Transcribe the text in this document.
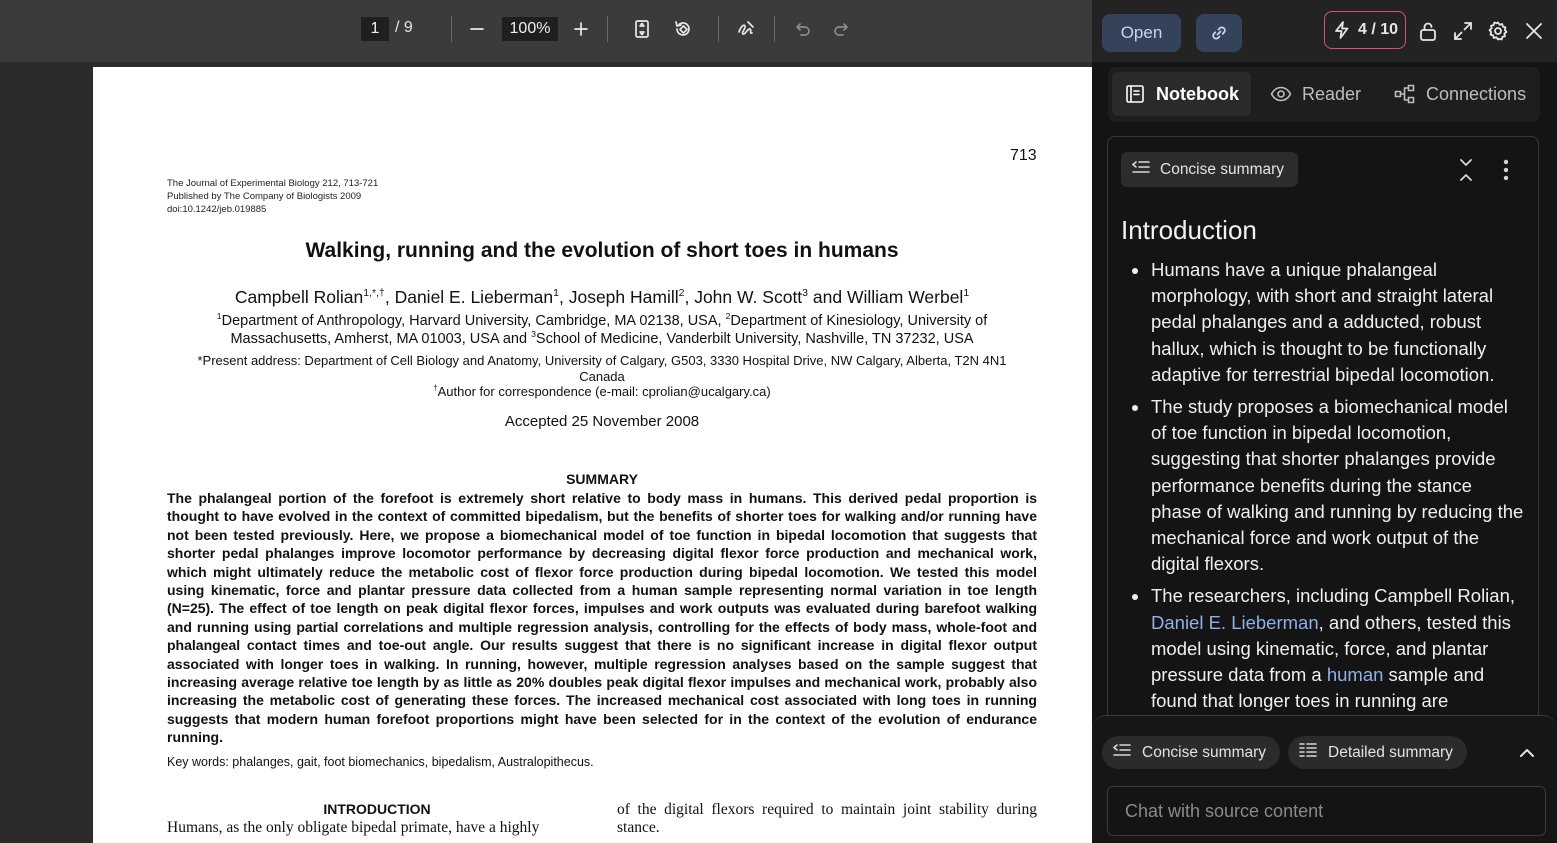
1
/ 9	100%
713
The Journal of Experimental Biology 212, 713-721
Published by The Company of Biologists 2009
doi:10.1242/jeb.019885
Walking, running and the evolution of short toes in humans
Campbell Rolian$^{1,*,\dagger}$, Daniel E. Lieberman$^1$, Joseph Hamill$^2$, John W. Scott$^3$ and William Werbel$^1$
$^1$Department of Anthropology, Harvard University, Cambridge, MA 02138, USA, $^2$Department of Kinesiology, University of
Massachusetts, Amherst, MA 01003, USA and $^3$School of Medicine, Vanderbilt University, Nashville, TN 37232, USA
*Present address: Department of Cell Biology and Anatomy, University of Calgary, G503, 3330 Hospital Drive, NW Calgary, Alberta, T2N 4N1
Canada
†Author for correspondence (e-mail: cprolian@ucalgary.ca)
Accepted 25 November 2008
SUMMARY
The phalangeal portion of the forefoot is extremely short relative to body mass in humans. This derived pedal proportion is thought to have evolved in the context of committed bipedalism, but the benefits of shorter toes for walking and/or running have not been tested previously. Here, we propose a biomechanical model of toe function in bipedal locomotion that suggests that shorter pedal phalanges improve locomotor performance by decreasing digital flexor force production and mechanical work, which might ultimately reduce the metabolic cost of flexor force production during bipedal locomotion. We tested this model using kinematic, force and plantar pressure data collected from a human sample representing normal variation in toe length (N=25). The effect of toe length on peak digital flexor forces, impulses and work outputs was evaluated during barefoot walking and running using partial correlations and multiple regression analysis, controlling for the effects of body mass, whole-foot and phalangeal contact times and toe-out angle. Our results suggest that there is no significant increase in digital flexor output associated with longer toes in walking. In running, however, multiple regression analyses based on the sample suggest that increasing average relative toe length by as little as 20% doubles peak digital flexor impulses and mechanical work, probably also increasing the metabolic cost of generating these forces. The increased mechanical cost associated with long toes in running suggests that modern human forefoot proportions might have been selected for in the context of the evolution of endurance running.
Key words: phalanges, gait, foot biomechanics, bipedalism, Australopithecus.
INTRODUCTION
Humans, as the only obligate bipedal primate, have a highly
of the digital flexors required to maintain joint stability during stance.
Open	4 / 10
Notebook	Reader	Connections
Concise summary
Introduction
Humans have a unique phalangeal morphology, with short and straight lateral pedal phalanges and a adducted, robust hallux, which is thought to be functionally adaptive for terrestrial bipedal locomotion.
The study proposes a biomechanical model of toe function in bipedal locomotion, suggesting that shorter phalanges provide performance benefits during the stance phase of walking and running by reducing the mechanical force and work output of the digital flexors.
The researchers, including Campbell Rolian, Daniel E. Lieberman, and others, tested this model using kinematic, force, and plantar pressure data from a human sample and found that longer toes in running are
Concise summary	Detailed summary
Chat with source content
